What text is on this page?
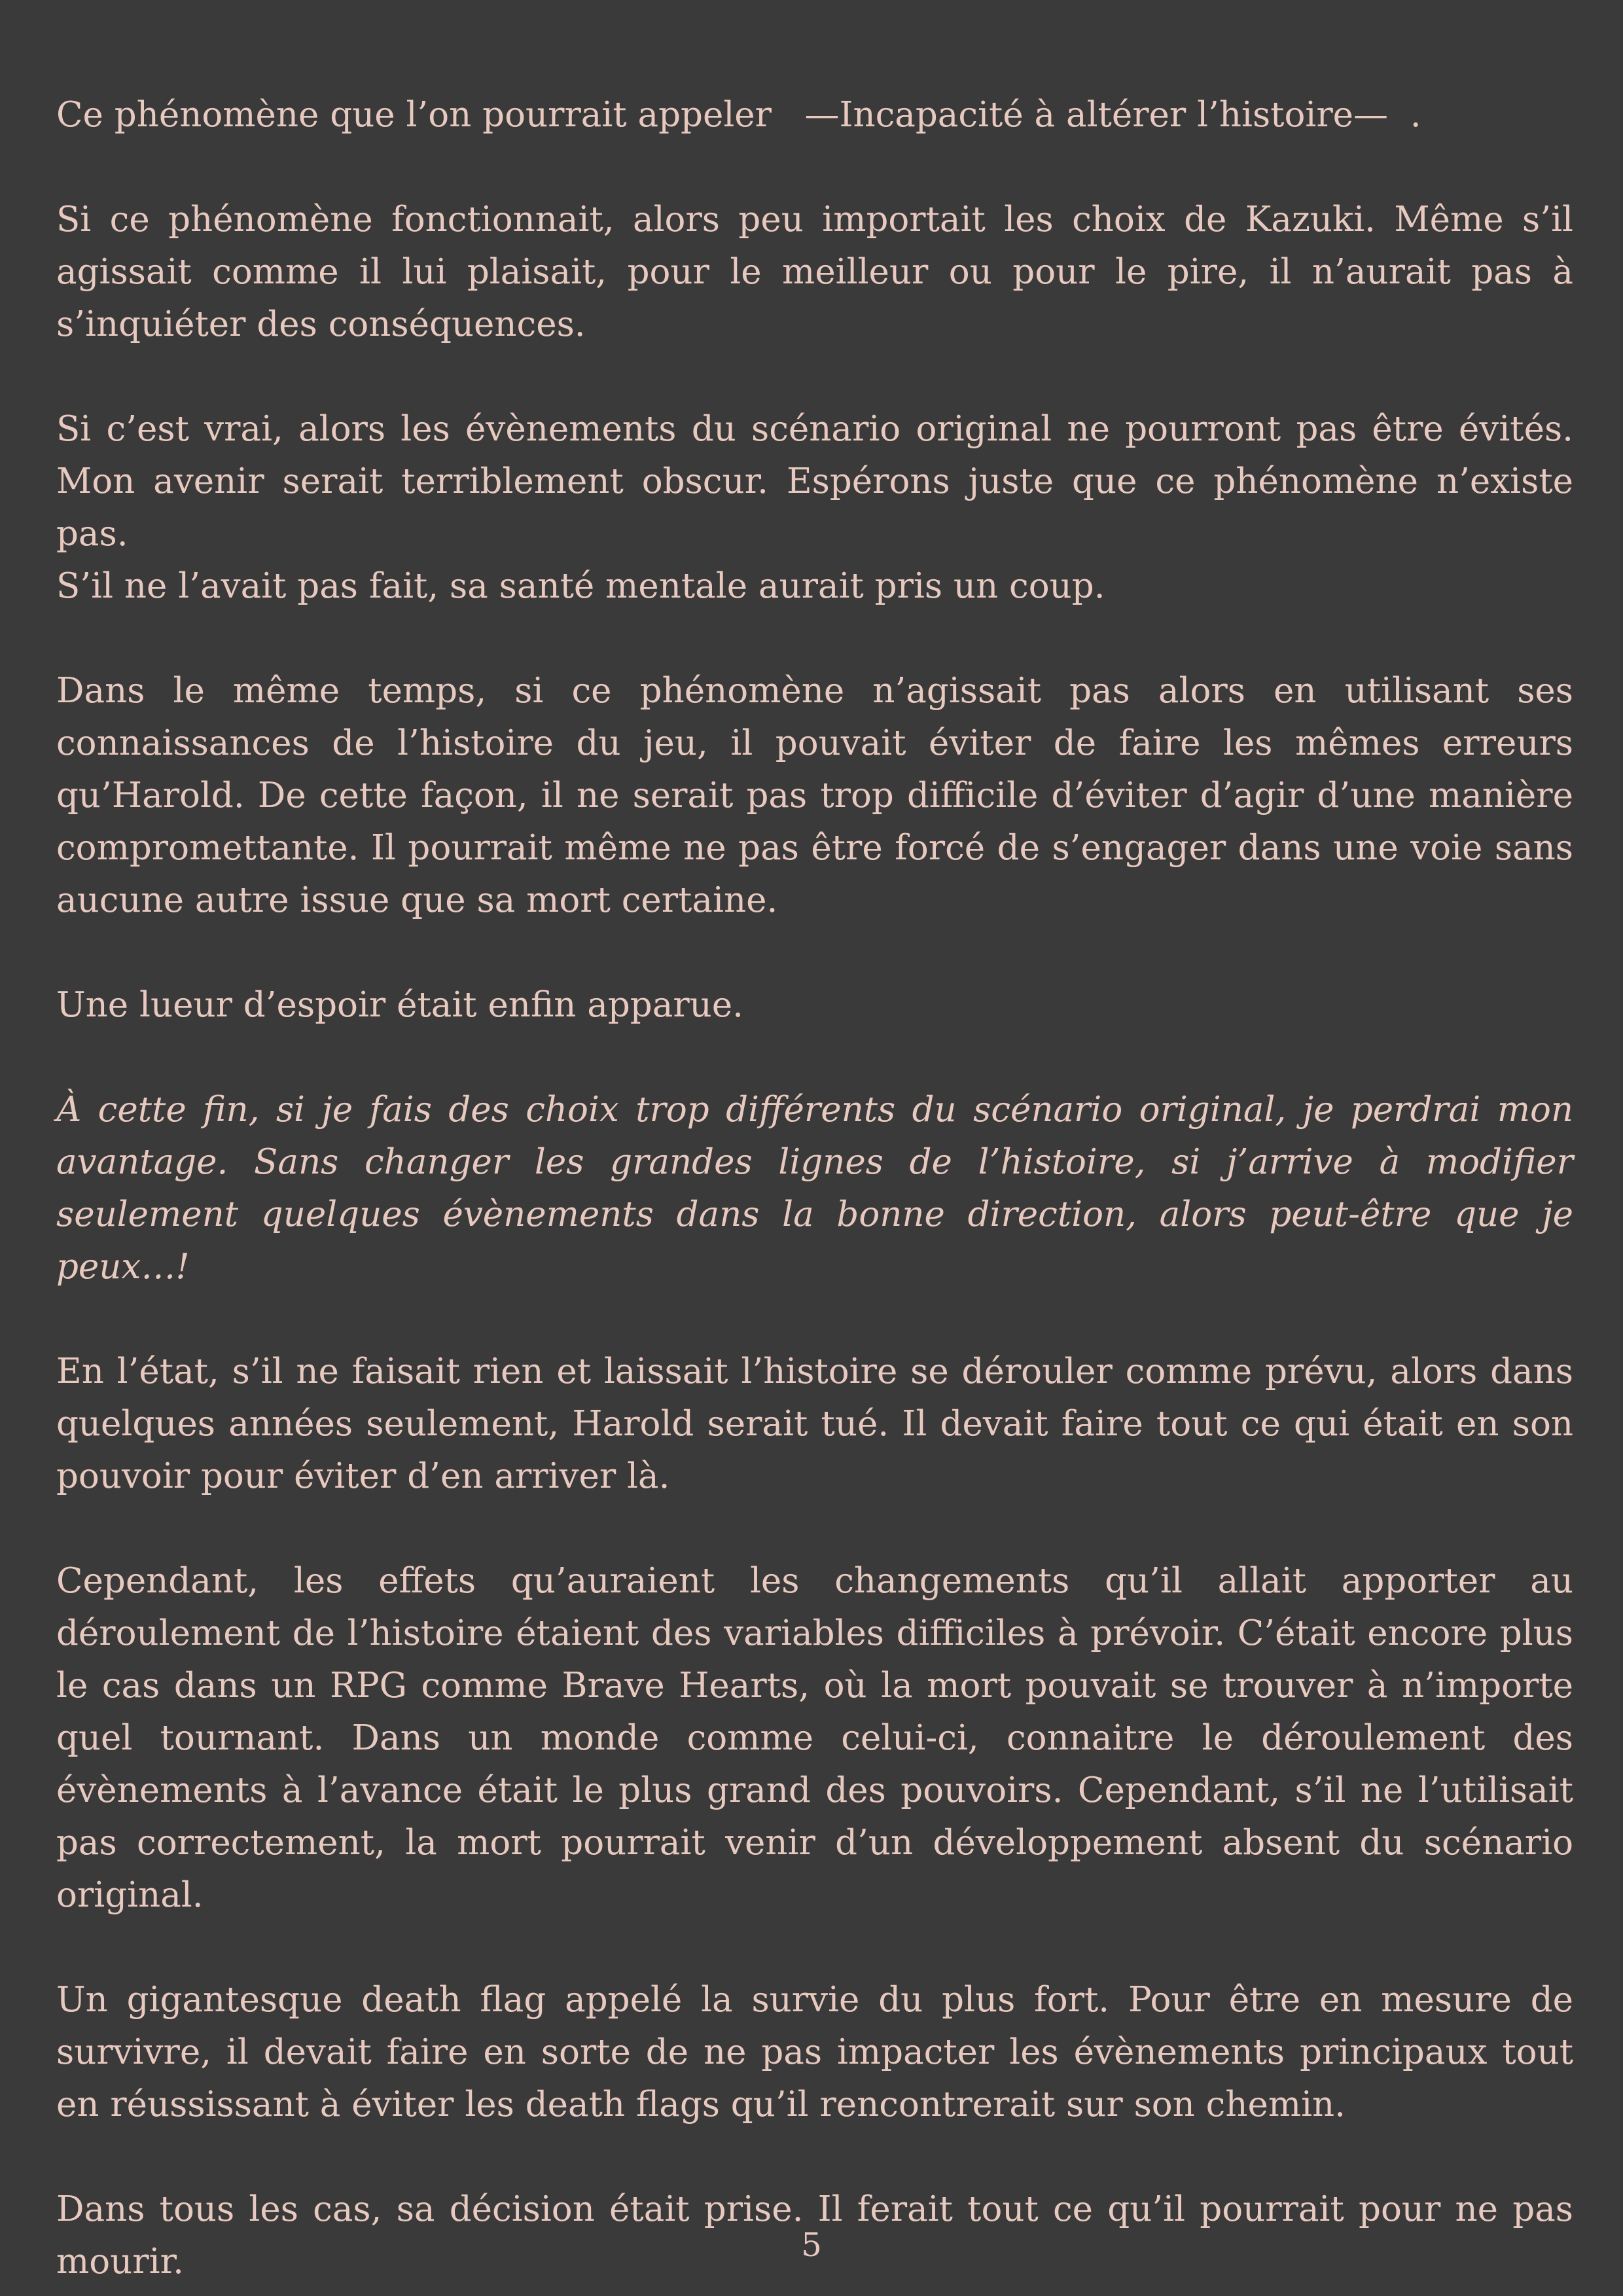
Ce phénomène que l’on pourrait appeler   —Incapacité à altérer l’histoire—  .

Si ce phénomène fonctionnait, alors peu importait les choix de Kazuki. Même s’il agissait comme il lui plaisait, pour le meilleur ou pour le pire, il n’aurait pas à s’inquiéter des conséquences.

Si c’est vrai, alors les évènements du scénario original ne pourront pas être évités. Mon avenir serait terriblement obscur. Espérons juste que ce phénomène n’existe pas.
S’il ne l’avait pas fait, sa santé mentale aurait pris un coup.

Dans le même temps, si ce phénomène n’agissait pas alors en utilisant ses connaissances de l’histoire du jeu, il pouvait éviter de faire les mêmes erreurs qu’Harold. De cette façon, il ne serait pas trop difficile d’éviter d’agir d’une manière compromettante. Il pourrait même ne pas être forcé de s’engager dans une voie sans aucune autre issue que sa mort certaine.

Une lueur d’espoir était enfin apparue.

À cette fin, si je fais des choix trop différents du scénario original, je perdrai mon avantage. Sans changer les grandes lignes de l’histoire, si j’arrive à modifier seulement quelques évènements dans la bonne direction, alors peut-être que je peux…!

En l’état, s’il ne faisait rien et laissait l’histoire se dérouler comme prévu, alors dans quelques années seulement, Harold serait tué. Il devait faire tout ce qui était en son pouvoir pour éviter d’en arriver là.

Cependant, les effets qu’auraient les changements qu’il allait apporter au déroulement de l’histoire étaient des variables difficiles à prévoir. C’était encore plus le cas dans un RPG comme Brave Hearts, où la mort pouvait se trouver à n’importe quel tournant. Dans un monde comme celui-ci, connaitre le déroulement des évènements à l’avance était le plus grand des pouvoirs. Cependant, s’il ne l’utilisait pas correctement, la mort pourrait venir d’un développement absent du scénario original.

Un gigantesque death flag appelé la survie du plus fort. Pour être en mesure de survivre, il devait faire en sorte de ne pas impacter les évènements principaux tout en réussissant à éviter les death flags qu’il rencontrerait sur son chemin.

Dans tous les cas, sa décision était prise. Il ferait tout ce qu’il pourrait pour ne pas mourir.	5
